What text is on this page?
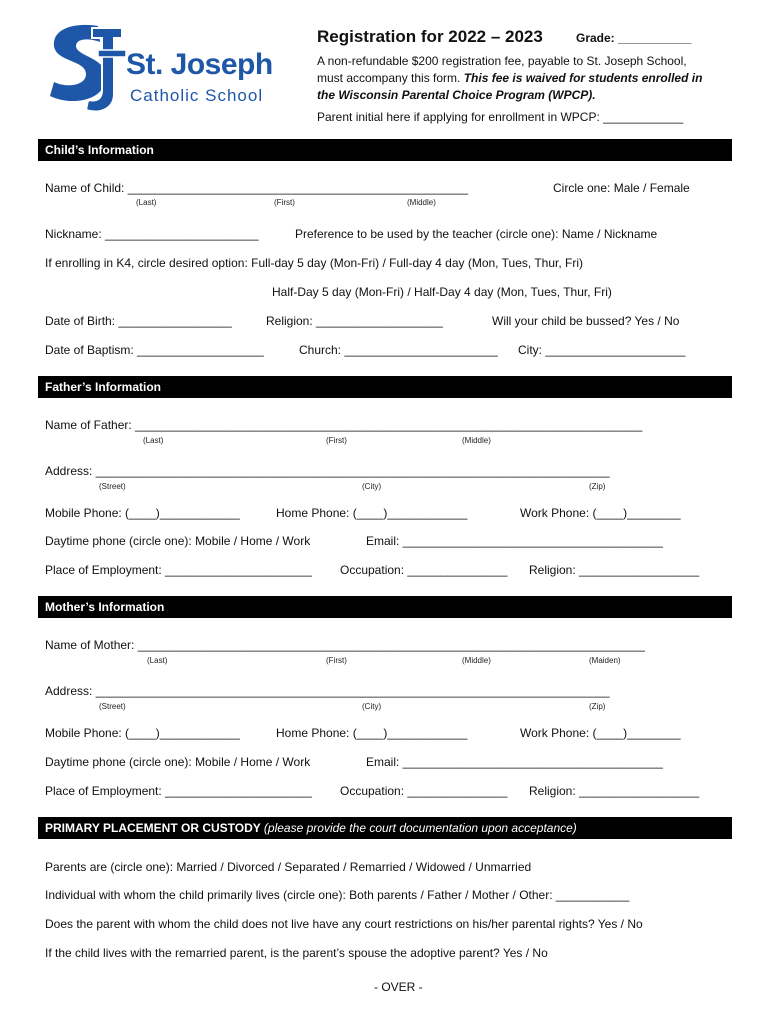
St. Joseph
Catholic School
Registration for 2022 – 2023	Grade: ___________
A non-refundable $200 registration fee, payable to St. Joseph School,
must accompany this form. This fee is waived for students enrolled in
the Wisconsin Parental Choice Program (WPCP).
Parent initial here if applying for enrollment in WPCP: ____________
Child’s Information
Name of Child: ___________________________________________________
(Last)	(First)	(Middle)
Circle one: Male / Female
Nickname: _______________________	Preference to be used by the teacher (circle one): Name / Nickname
If enrolling in K4, circle desired option: Full-day 5 day (Mon-Fri) / Full-day 4 day (Mon, Tues, Thur, Fri)
Half-Day 5 day (Mon-Fri) / Half-Day 4 day (Mon, Tues, Thur, Fri)
Date of Birth: _________________	Religion: ___________________	Will your child be bussed? Yes / No
Date of Baptism: ___________________	Church: _______________________ City: _____________________
Father’s Information
Name of Father: ____________________________________________________________________________
(Last)	(First)	(Middle)
Address: _____________________________________________________________________________
(Street)	(City)	(Zip)
Mobile Phone: (____)____________	Home Phone: (____)____________	Work Phone: (____)________
Daytime phone (circle one): Mobile / Home / Work	Email: _______________________________________
Place of Employment: ______________________ Occupation: _______________ Religion: __________________
Mother’s Information
Name of Mother: ____________________________________________________________________________
(Last)	(First)	(Middle)	(Maiden)
Address: _____________________________________________________________________________
(Street)	(City)	(Zip)
Mobile Phone: (____)____________	Home Phone: (____)____________	Work Phone: (____)________
Daytime phone (circle one): Mobile / Home / Work	Email: _______________________________________
Place of Employment: ______________________ Occupation: _______________ Religion: __________________
PRIMARY PLACEMENT OR CUSTODY (please provide the court documentation upon acceptance)
Parents are (circle one): Married / Divorced / Separated / Remarried / Widowed / Unmarried
Individual with whom the child primarily lives (circle one): Both parents / Father / Mother / Other: ___________
Does the parent with whom the child does not live have any court restrictions on his/her parental rights? Yes / No
If the child lives with the remarried parent, is the parent’s spouse the adoptive parent? Yes / No
- OVER -
